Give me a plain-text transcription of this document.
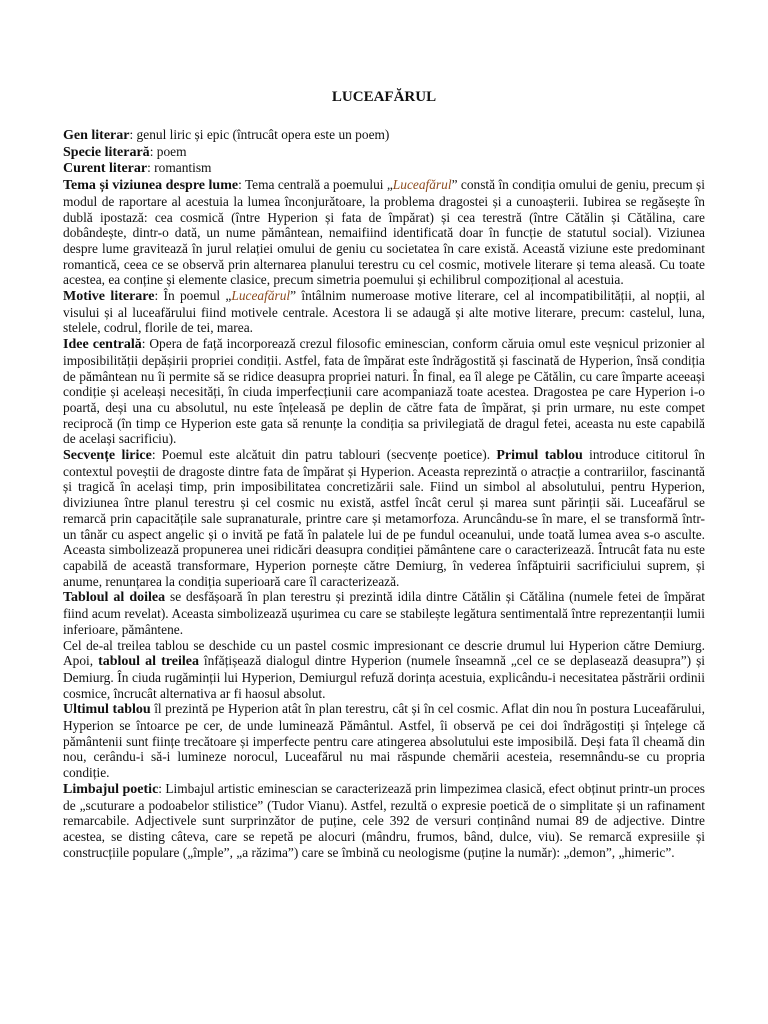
LUCEAFĂRUL

Gen literar: genul liric și epic (întrucât opera este un poem)

Specie literară: poem

Curent literar: romantism

Tema și viziunea despre lume: Tema centrală a poemului „Luceafărul” constă în condiția omului de geniu, precum și modul de raportare al acestuia la lumea înconjurătoare, la problema dragostei și a cunoașterii. Iubirea se regăsește în dublă ipostază: cea cosmică (între Hyperion și fata de împărat) și cea terestră (între Cătălin și Cătălina, care dobândește, dintr-o dată, un nume pământean, nemaifiind identificată doar în funcție de statutul social). Viziunea despre lume gravitează în jurul relației omului de geniu cu societatea în care există. Această viziune este predominant romantică, ceea ce se observă prin alternarea planului terestru cu cel cosmic, motivele literare și tema aleasă. Cu toate acestea, ea conține și elemente clasice, precum simetria poemului și echilibrul compozițional al acestuia.

Motive literare: În poemul „Luceafărul” întâlnim numeroase motive literare, cel al incompatibilității, al nopții, al visului și al luceafărului fiind motivele centrale. Acestora li se adaugă și alte motive literare, precum: castelul, luna, stelele, codrul, florile de tei, marea.

Idee centrală: Opera de față incorporează crezul filosofic eminescian, conform căruia omul este veșnicul prizonier al imposibilității depășirii propriei condiții. Astfel, fata de împărat este îndrăgostită și fascinată de Hyperion, însă condiția de pământean nu îi permite să se ridice deasupra propriei naturi. În final, ea îl alege pe Cătălin, cu care împarte aceeași condiție și aceleași necesități, în ciuda imperfecțiunii care acompaniază toate acestea. Dragostea pe care Hyperion i-o poartă, deși una cu absolutul, nu este înțeleasă pe deplin de către fata de împărat, și prin urmare, nu este compet reciprocă (în timp ce Hyperion este gata să renunțe la condiția sa privilegiată de dragul fetei, aceasta nu este capabilă de același sacrificiu).

Secvențe lirice: Poemul este alcătuit din patru tablouri (secvențe poetice). Primul tablou introduce cititorul în contextul poveștii de dragoste dintre fata de împărat și Hyperion. Aceasta reprezintă o atracție a contrariilor, fascinantă și tragică în același timp, prin imposibilitatea concretizării sale. Fiind un simbol al absolutului, pentru Hyperion, diviziunea între planul terestru și cel cosmic nu există, astfel încât cerul și marea sunt părinții săi. Luceafărul se remarcă prin capacitățile sale supranaturale, printre care și metamorfoza. Aruncându-se în mare, el se transformă într-un tânăr cu aspect angelic și o invită pe fată în palatele lui de pe fundul oceanului, unde toată lumea avea s-o asculte. Aceasta simbolizează propunerea unei ridicări deasupra condiției pământene care o caracterizează. Întrucât fata nu este capabilă de această transformare, Hyperion pornește către Demiurg, în vederea înfăptuirii sacrificiului suprem, și anume, renunțarea la condiția superioară care îl caracterizează.

Tabloul al doilea se desfășoară în plan terestru și prezintă idila dintre Cătălin și Cătălina (numele fetei de împărat fiind acum revelat). Aceasta simbolizează ușurimea cu care se stabilește legătura sentimentală între reprezentanții lumii inferioare, pământene.

Cel de-al treilea tablou se deschide cu un pastel cosmic impresionant ce descrie drumul lui Hyperion către Demiurg. Apoi, tabloul al treilea înfățișează dialogul dintre Hyperion (numele înseamnă „cel ce se deplasează deasupra”) și Demiurg. În ciuda rugăminții lui Hyperion, Demiurgul refuză dorința acestuia, explicându-i necesitatea păstrării ordinii cosmice, încrucât alternativa ar fi haosul absolut.

Ultimul tablou îl prezintă pe Hyperion atât în plan terestru, cât și în cel cosmic. Aflat din nou în postura Luceafărului, Hyperion se întoarce pe cer, de unde luminează Pământul. Astfel, îi observă pe cei doi îndrăgostiți și înțelege că pământenii sunt ființe trecătoare și imperfecte pentru care atingerea absolutului este imposibilă. Deși fata îl cheamă din nou, cerându-i să-i lumineze norocul, Luceafărul nu mai răspunde chemării acesteia, resemnându-se cu propria condiție.

Limbajul poetic: Limbajul artistic eminescian se caracterizează prin limpezimea clasică, efect obținut printr-un proces de „scuturare a podoabelor stilistice” (Tudor Vianu). Astfel, rezultă o expresie poetică de o simplitate și un rafinament remarcabile. Adjectivele sunt surprinzător de puține, cele 392 de versuri conținând numai 89 de adjective. Dintre acestea, se disting câteva, care se repetă pe alocuri (mândru, frumos, bând, dulce, viu). Se remarcă expresiile și construcțiile populare („împle”, „a răzima”) care se îmbină cu neologisme (puține la număr): „demon”, „himeric”.
